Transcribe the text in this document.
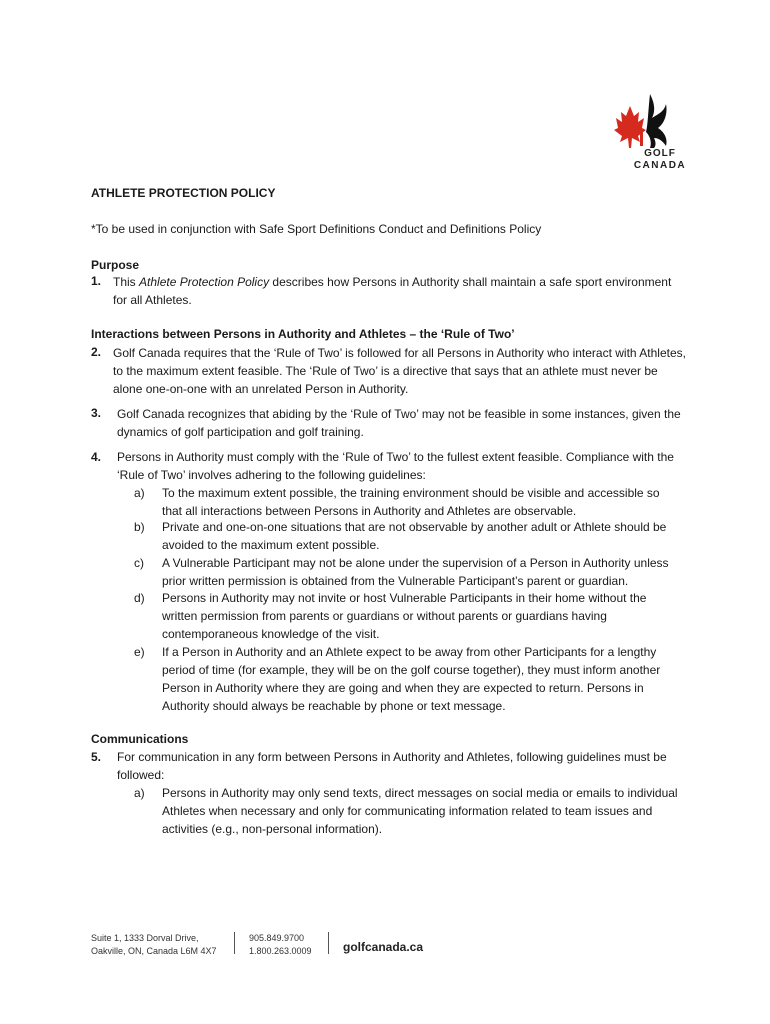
GOLF
CANADA
ATHLETE PROTECTION POLICY
*To be used in conjunction with Safe Sport Definitions Conduct and Definitions Policy
Purpose
1. This Athlete Protection Policy describes how Persons in Authority shall maintain a safe sport environment for all Athletes.
Interactions between Persons in Authority and Athletes – the ‘Rule of Two’
2. Golf Canada requires that the ‘Rule of Two’ is followed for all Persons in Authority who interact with Athletes, to the maximum extent feasible. The ‘Rule of Two’ is a directive that says that an athlete must never be alone one-on-one with an unrelated Person in Authority.
3. Golf Canada recognizes that abiding by the ‘Rule of Two’ may not be feasible in some instances, given the dynamics of golf participation and golf training.
4. Persons in Authority must comply with the ‘Rule of Two’ to the fullest extent feasible. Compliance with the ‘Rule of Two’ involves adhering to the following guidelines:
a) To the maximum extent possible, the training environment should be visible and accessible so that all interactions between Persons in Authority and Athletes are observable.
b) Private and one-on-one situations that are not observable by another adult or Athlete should be avoided to the maximum extent possible.
c) A Vulnerable Participant may not be alone under the supervision of a Person in Authority unless prior written permission is obtained from the Vulnerable Participant’s parent or guardian.
d) Persons in Authority may not invite or host Vulnerable Participants in their home without the written permission from parents or guardians or without parents or guardians having contemporaneous knowledge of the visit.
e) If a Person in Authority and an Athlete expect to be away from other Participants for a lengthy period of time (for example, they will be on the golf course together), they must inform another Person in Authority where they are going and when they are expected to return. Persons in Authority should always be reachable by phone or text message.
Communications
5. For communication in any form between Persons in Authority and Athletes, following guidelines must be followed:
a) Persons in Authority may only send texts, direct messages on social media or emails to individual Athletes when necessary and only for communicating information related to team issues and activities (e.g., non-personal information).
Suite 1, 1333 Dorval Drive,
Oakville, ON, Canada L6M 4X7
905.849.9700
1.800.263.0009	golfcanada.ca
